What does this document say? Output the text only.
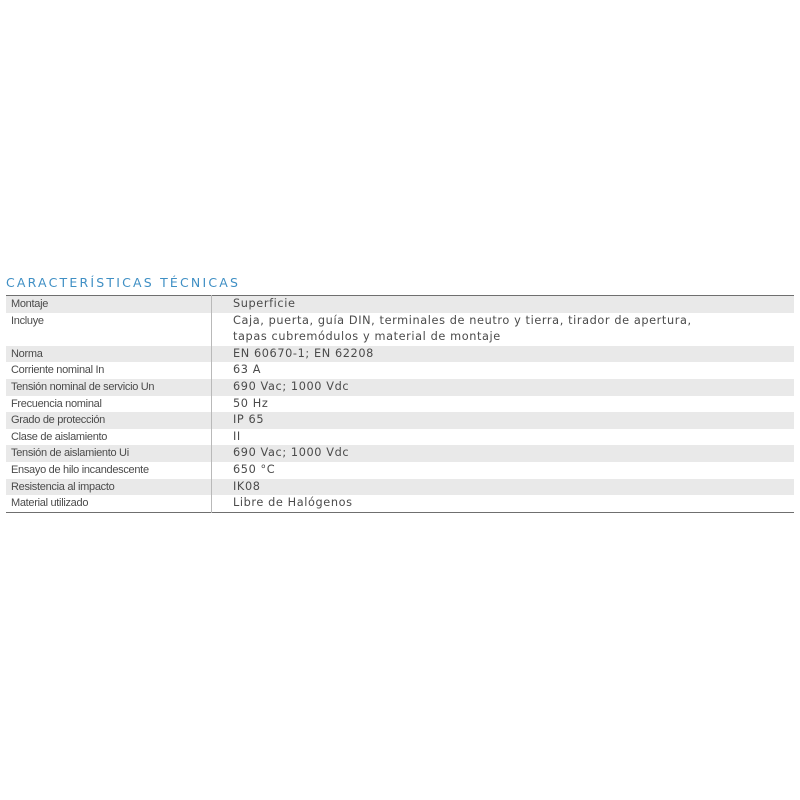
CARACTERÍSTICAS TÉCNICAS
Montaje	Superficie

Incluye	Caja, puerta, guía DIN, terminales de neutro y tierra, tirador de apertura,
tapas cubremódulos y material de montaje

Norma	EN 60670-1; EN 62208

Corriente nominal In	63 A

Tensión nominal de servicio Un	690 Vac; 1000 Vdc

Frecuencia nominal	50 Hz

Grado de protección	IP 65

Clase de aislamiento	II

Tensión de aislamiento Ui	690 Vac; 1000 Vdc

Ensayo de hilo incandescente	650 °C

Resistencia al impacto	IK08

Material utilizado	Libre de Halógenos
